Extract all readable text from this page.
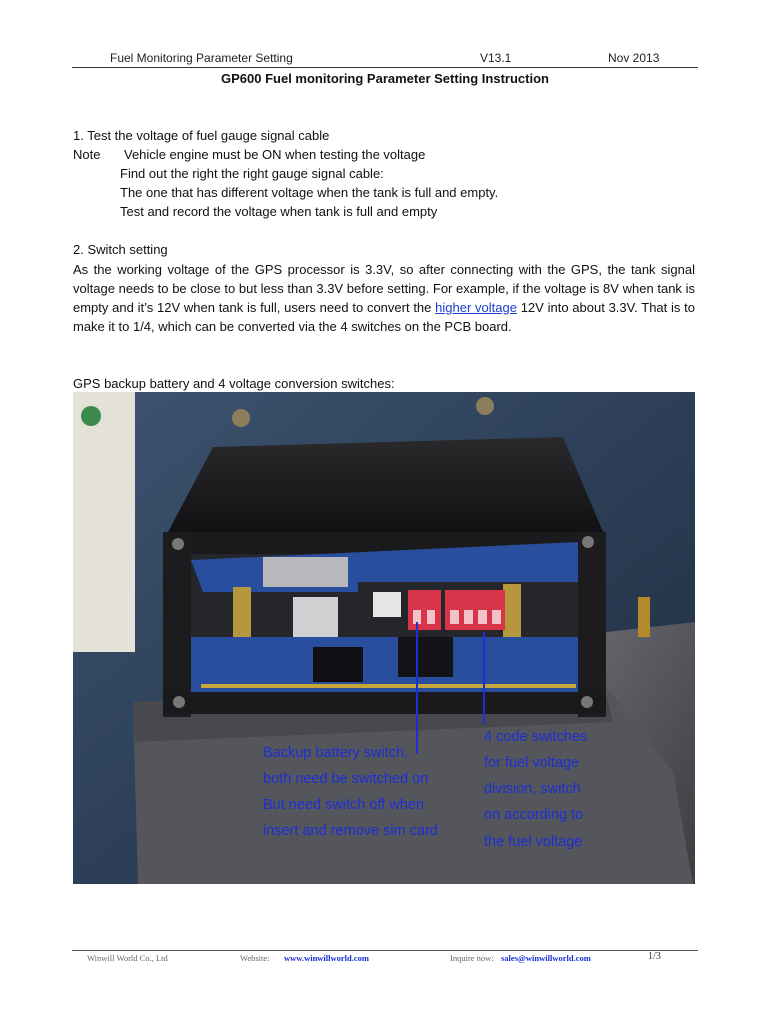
Fuel Monitoring Parameter Setting	V13.1	Nov 2013
GP600 Fuel monitoring Parameter Setting Instruction
1. Test the voltage of fuel gauge signal cable
Note Vehicle engine must be ON when testing the voltage
Find out the right the right gauge signal cable:
The one that has different voltage when the tank is full and empty.
Test and record the voltage when tank is full and empty
2. Switch setting
As the working voltage of the GPS processor is 3.3V, so after connecting with the GPS, the tank signal voltage needs to be close to but less than 3.3V before setting. For example, if the voltage is 8V when tank is empty and it’s 12V when tank is full, users need to convert the higher voltage 12V into about 3.3V. That is to make it to 1/4, which can be converted via the 4 switches on the PCB board.
GPS backup battery and 4 voltage conversion switches:
Backup battery switch,
both need be switched on
But need switch off when
insert and remove sim card
4 code switches
for fuel voltage
division, switch
on according to
the fuel voltage
Winwill World Co., Ltd	Website: www.winwillworld.com	Inquire now: sales@winwillworld.com	1/3
